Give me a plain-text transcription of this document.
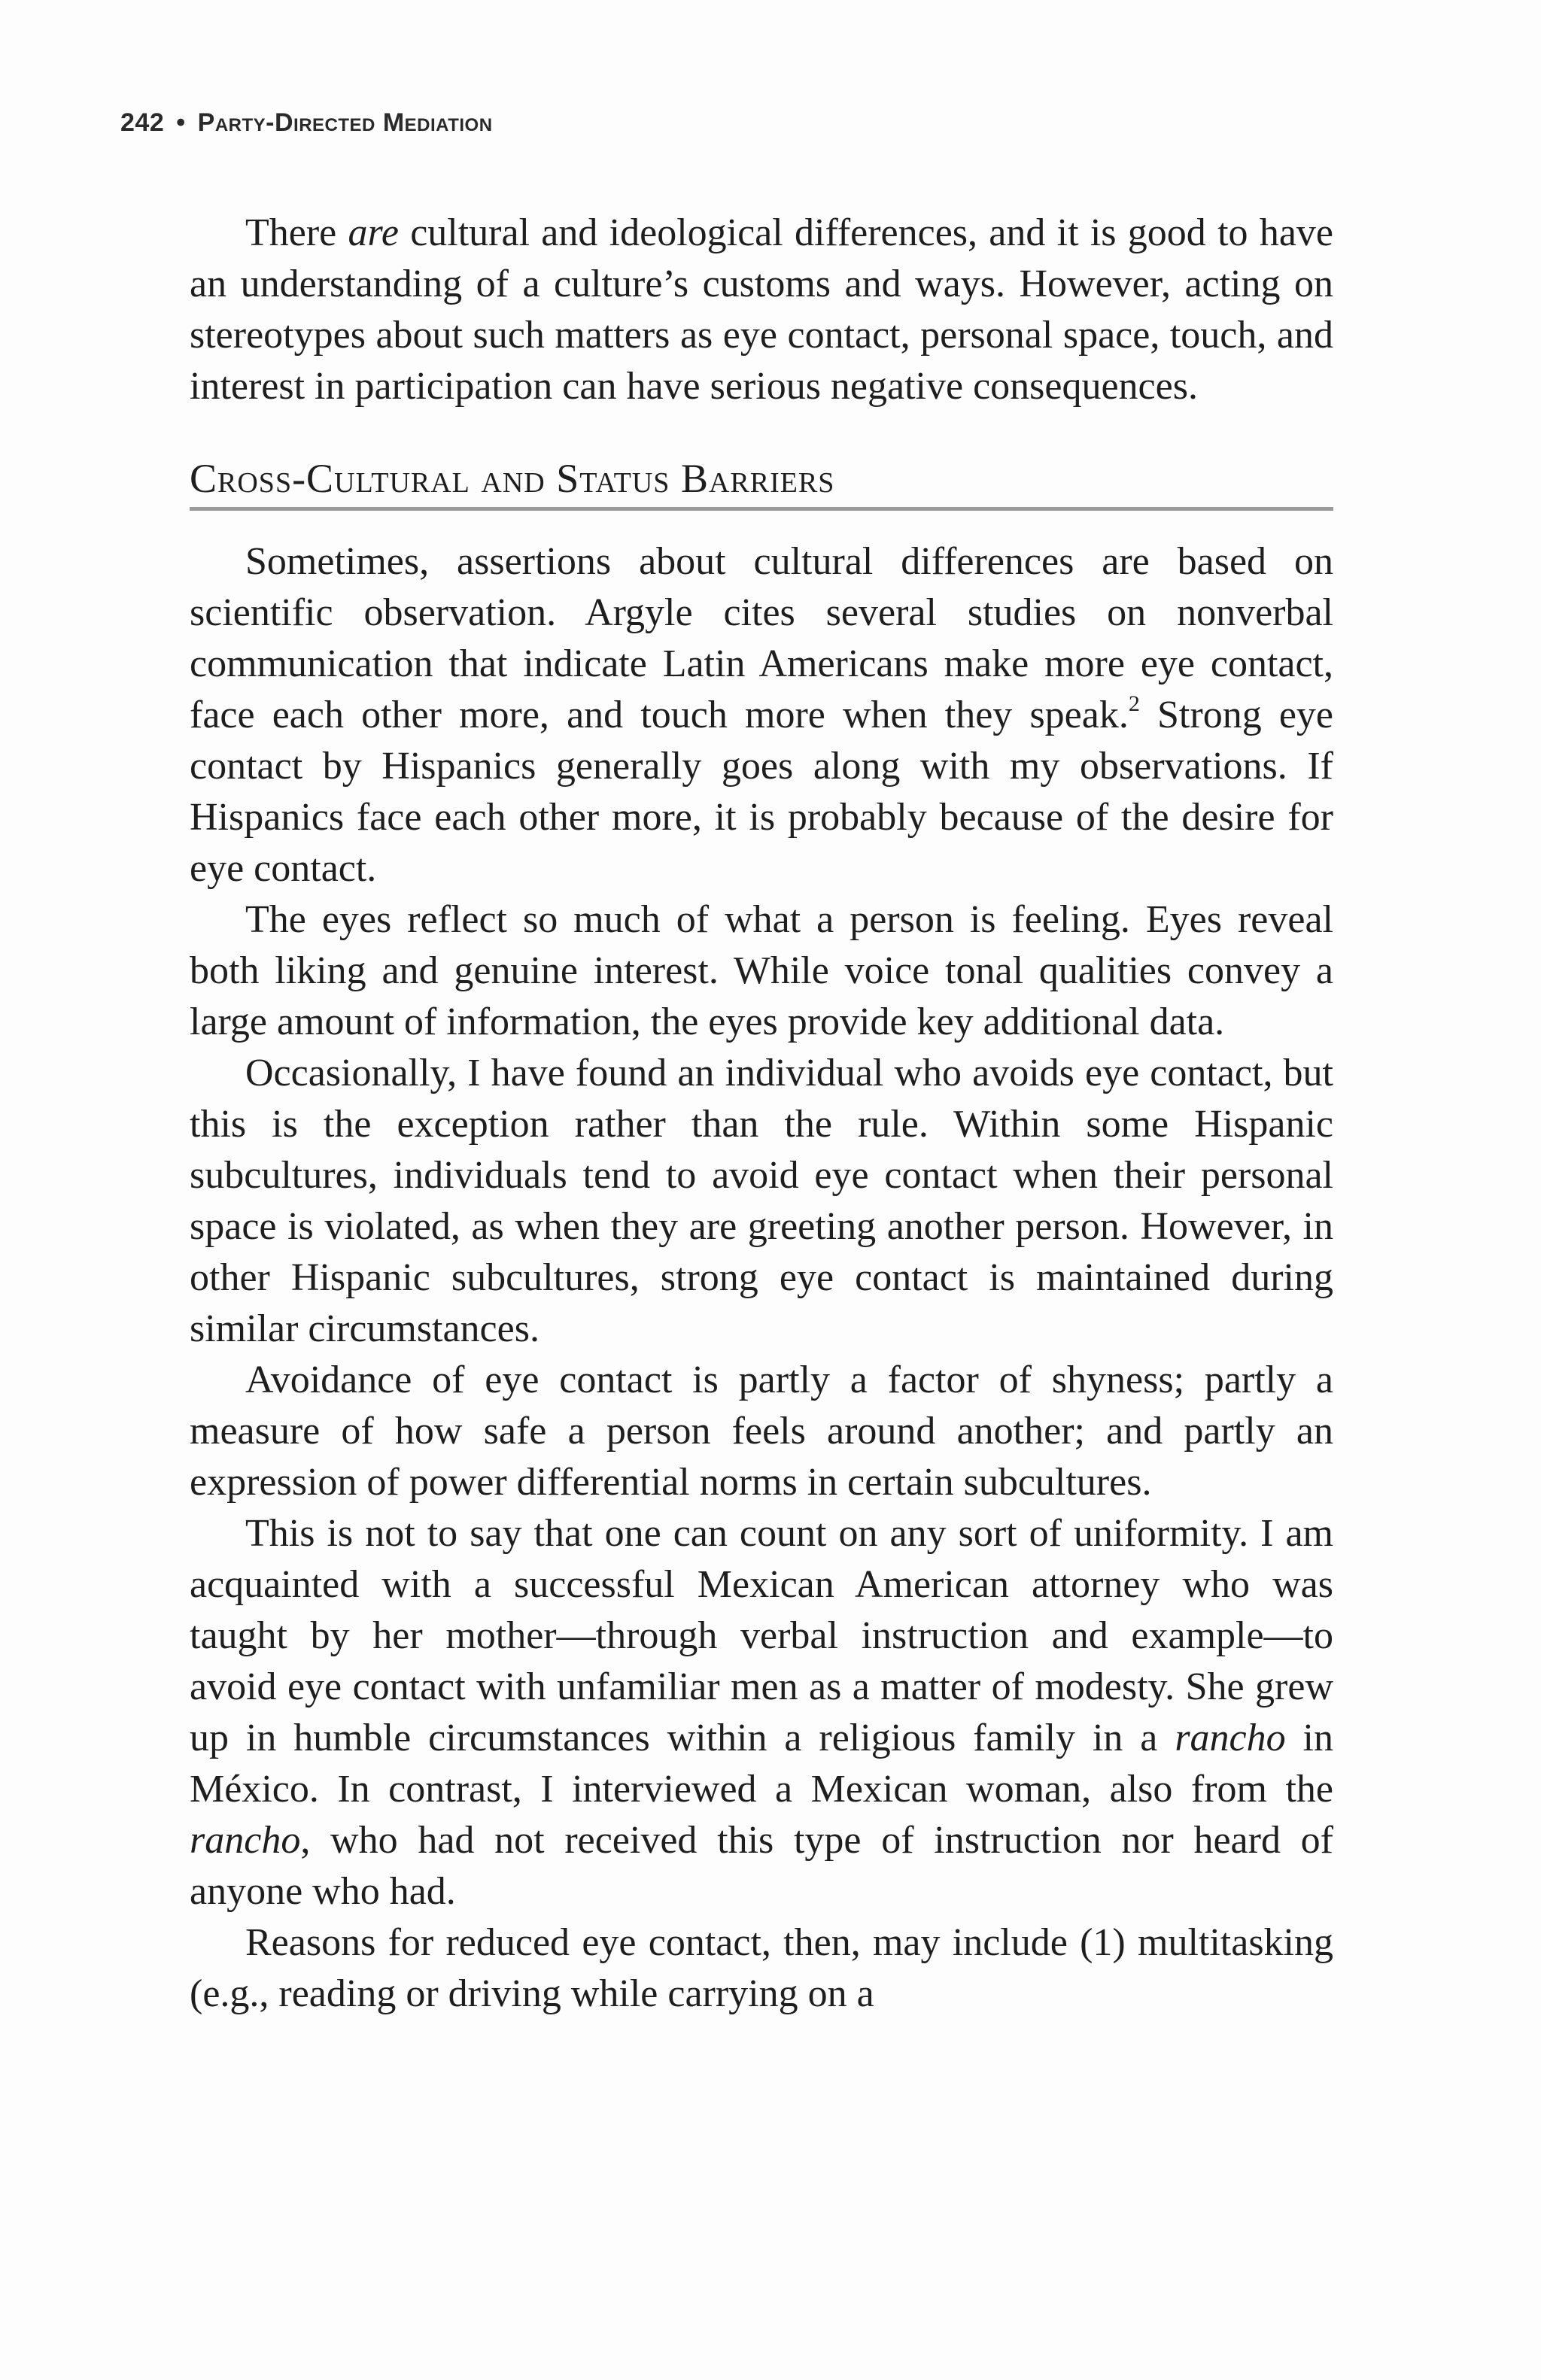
242 • Party-Directed Mediation

There are cultural and ideological differences, and it is good to have an understanding of a culture’s customs and ways. However, acting on stereotypes about such matters as eye contact, personal space, touch, and interest in participation can have serious negative consequences.

Cross-Cultural and Status Barriers

Sometimes, assertions about cultural differences are based on scientific observation. Argyle cites several studies on nonverbal communication that indicate Latin Americans make more eye contact, face each other more, and touch more when they speak.$^2$ Strong eye contact by Hispanics generally goes along with my observations. If Hispanics face each other more, it is probably because of the desire for eye contact.

The eyes reflect so much of what a person is feeling. Eyes reveal both liking and genuine interest. While voice tonal qualities convey a large amount of information, the eyes provide key additional data.

Occasionally, I have found an individual who avoids eye contact, but this is the exception rather than the rule. Within some Hispanic subcultures, individuals tend to avoid eye contact when their personal space is violated, as when they are greeting another person. However, in other Hispanic subcultures, strong eye contact is maintained during similar circumstances.

Avoidance of eye contact is partly a factor of shyness; partly a measure of how safe a person feels around another; and partly an expression of power differential norms in certain subcultures.

This is not to say that one can count on any sort of uniformity. I am acquainted with a successful Mexican American attorney who was taught by her mother—through verbal instruction and example—to avoid eye contact with unfamiliar men as a matter of modesty. She grew up in humble circumstances within a religious family in a rancho in México. In contrast, I interviewed a Mexican woman, also from the rancho, who had not received this type of instruction nor heard of anyone who had.

Reasons for reduced eye contact, then, may include (1) multitasking (e.g., reading or driving while carrying on a
